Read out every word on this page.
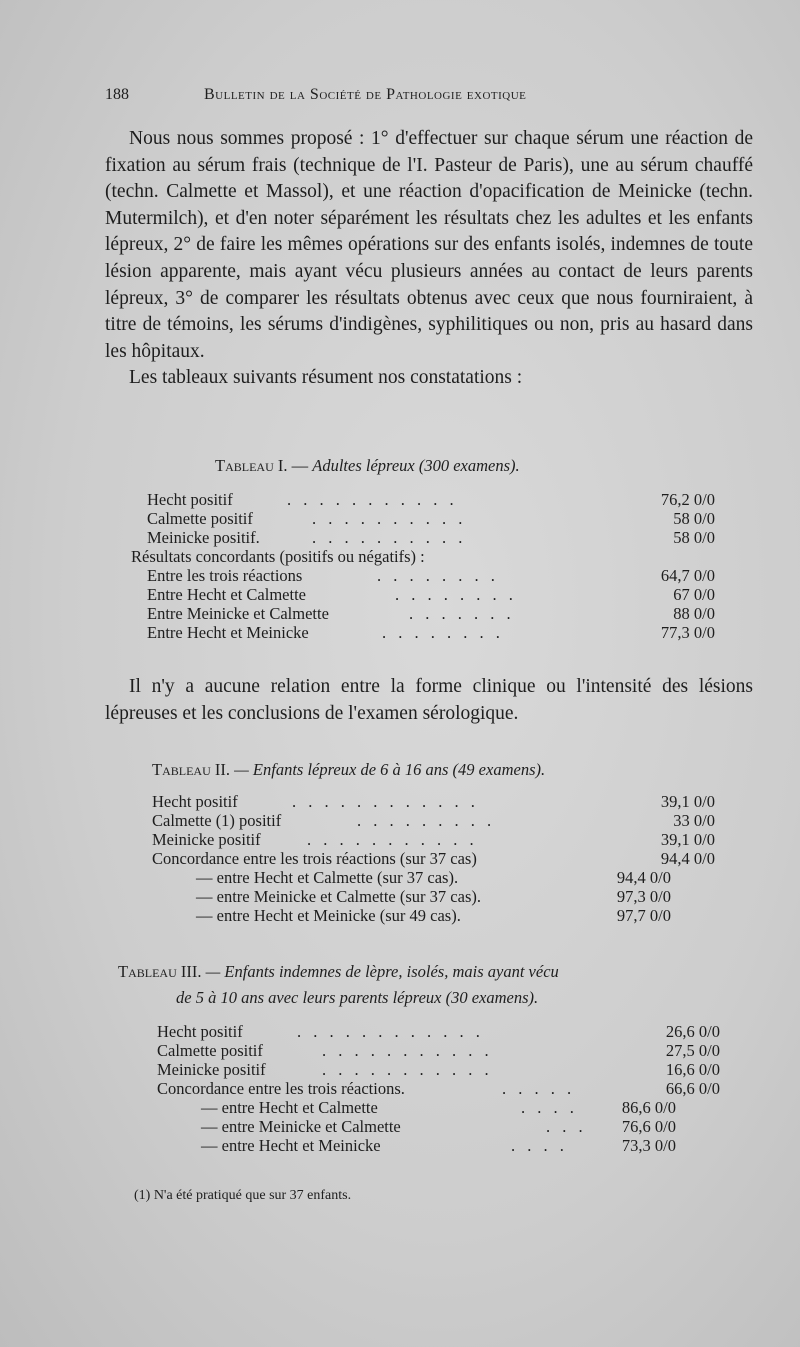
188	Bulletin de la Société de Pathologie exotique

Nous nous sommes proposé : 1° d'effectuer sur chaque sérum une réaction de fixation au sérum frais (technique de l'I. Pasteur de Paris), une au sérum chauffé (techn. Calmette et Massol), et une réaction d'opacification de Meinicke (techn. Mutermilch), et d'en noter séparément les résultats chez les adultes et les enfants lépreux, 2° de faire les mêmes opérations sur des enfants isolés, indemnes de toute lésion apparente, mais ayant vécu plusieurs années au contact de leurs parents lépreux, 3° de comparer les résultats obtenus avec ceux que nous fourniraient, à titre de témoins, les sérums d'indigènes, syphilitiques ou non, pris au hasard dans les hôpitaux.

Les tableaux suivants résument nos constatations :

Tableau I. — Adultes lépreux (300 examens).
Hecht positif	. . . . . . . . . . .	76,2 0/0
Calmette positif	. . . . . . . . . .	58 0/0
Meinicke positif.	. . . . . . . . . .	58 0/0
Résultats concordants (positifs ou négatifs) :
Entre les trois réactions	. . . . . . . .	64,7 0/0
Entre Hecht et Calmette	. . . . . . . .	67 0/0
Entre Meinicke et Calmette	. . . . . . .	88 0/0
Entre Hecht et Meinicke	. . . . . . . .	77,3 0/0

Il n'y a aucune relation entre la forme clinique ou l'intensité des lésions lépreuses et les conclusions de l'examen sérologique.

Tableau II. — Enfants lépreux de 6 à 16 ans (49 examens).
Hecht positif	. . . . . . . . . . . .	39,1 0/0
Calmette (1) positif	. . . . . . . . .	33 0/0
Meinicke positif	. . . . . . . . . . .	39,1 0/0
Concordance entre les trois réactions (sur 37 cas)	94,4 0/0
— entre Hecht et Calmette (sur 37 cas).	94,4 0/0
— entre Meinicke et Calmette (sur 37 cas).	97,3 0/0
— entre Hecht et Meinicke (sur 49 cas).	97,7 0/0
Tableau III. — Enfants indemnes de lèpre, isolés, mais ayant vécu
de 5 à 10 ans avec leurs parents lépreux (30 examens).
Hecht positif	. . . . . . . . . . . .	26,6 0/0
Calmette positif	. . . . . . . . . . .	27,5 0/0
Meinicke positif	. . . . . . . . . . .	16,6 0/0
Concordance entre les trois réactions.	. . . . .	66,6 0/0
— entre Hecht et Calmette	. . . .	86,6 0/0
— entre Meinicke et Calmette	. . . 76,6 0/0
— entre Hecht et Meinicke	. . . .	73,3 0/0
(1) N'a été pratiqué que sur 37 enfants.
